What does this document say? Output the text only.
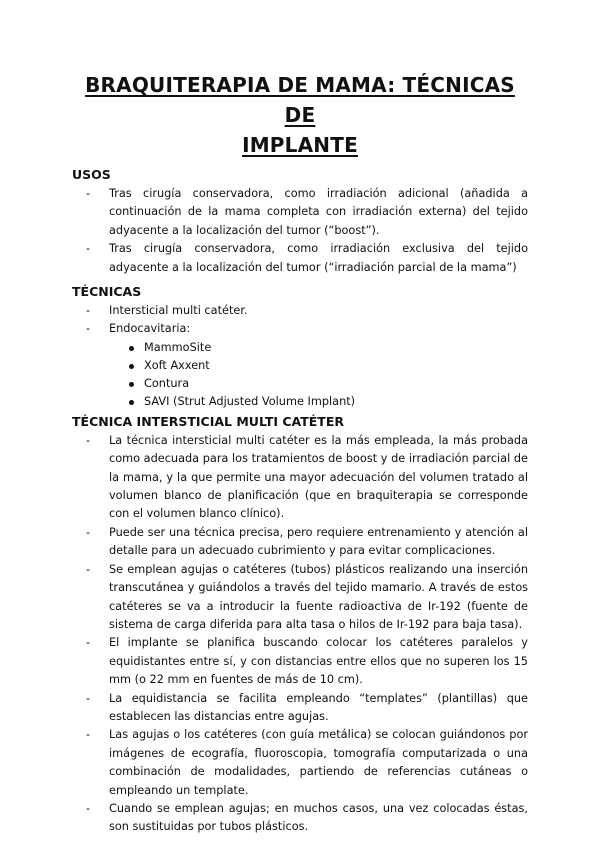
BRAQUITERAPIA DE MAMA: TÉCNICAS DE
IMPLANTE
USOS
-	Tras cirugía conservadora, como irradiación adicional (añadida a continuación de la mama completa con irradiación externa) del tejido adyacente a la localización del tumor (“boost”).
-	Tras cirugía conservadora, como irradiación exclusiva del tejido adyacente a la localización del tumor (“irradiación parcial de la mama”)
TÉCNICAS
-	Intersticial multi catéter.
-	Endocavitaria:
MammoSite
Xoft Axxent
Contura
SAVI (Strut Adjusted Volume Implant)
TÉCNICA INTERSTICIAL MULTI CATÉTER
-	La técnica intersticial multi catéter es la más empleada, la más probada como adecuada para los tratamientos de boost y de irradiación parcial de la mama, y la que permite una mayor adecuación del volumen tratado al volumen blanco de planificación (que en braquiterapia se corresponde con el volumen blanco clínico).
-	Puede ser una técnica precisa, pero requiere entrenamiento y atención al detalle para un adecuado cubrimiento y para evitar complicaciones.
-	Se emplean agujas o catéteres (tubos) plásticos realizando una inserción transcutánea y guiándolos a través del tejido mamario. A través de estos catéteres se va a introducir la fuente radioactiva de Ir-192 (fuente de sistema de carga diferida para alta tasa o hilos de Ir-192 para baja tasa).
-	El implante se planifica buscando colocar los catéteres paralelos y equidistantes entre sí, y con distancias entre ellos que no superen los 15 mm (o 22 mm en fuentes de más de 10 cm).
-	La equidistancia se facilita empleando “templates” (plantillas) que establecen las distancias entre agujas.
-	Las agujas o los catéteres (con guía metálica) se colocan guiándonos por imágenes de ecografía, fluoroscopia, tomografía computarizada o una combinación de modalidades, partiendo de referencias cutáneas o empleando un template.
-	Cuando se emplean agujas; en muchos casos, una vez colocadas éstas, son sustituidas por tubos plásticos.
